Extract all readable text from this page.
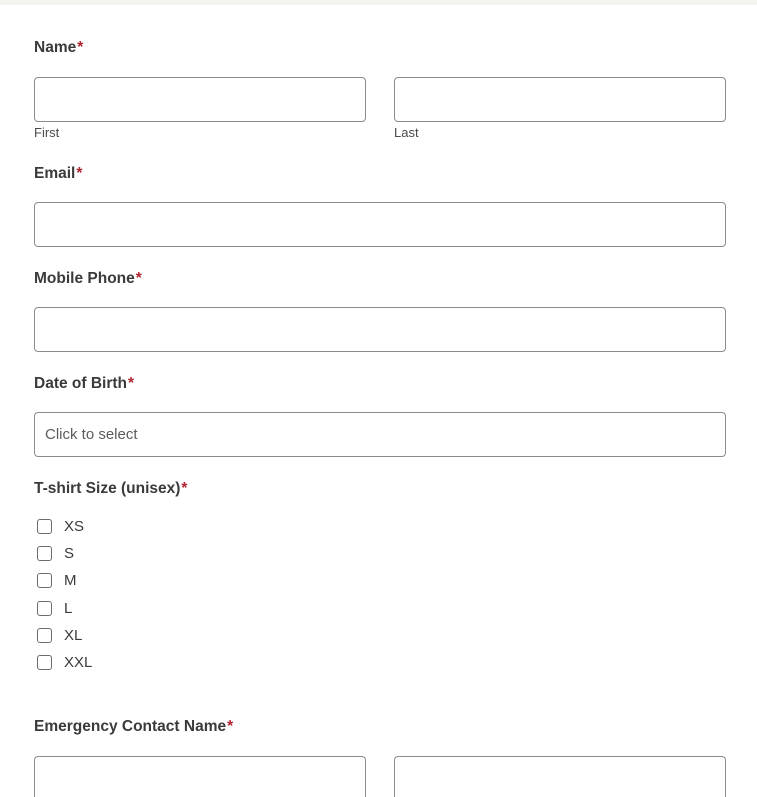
Name*
First	Last
Email*
Mobile Phone*
Date of Birth*
Click to select
T-shirt Size (unisex)*
XS
S
M
L
XL
XXL
Emergency Contact Name*
